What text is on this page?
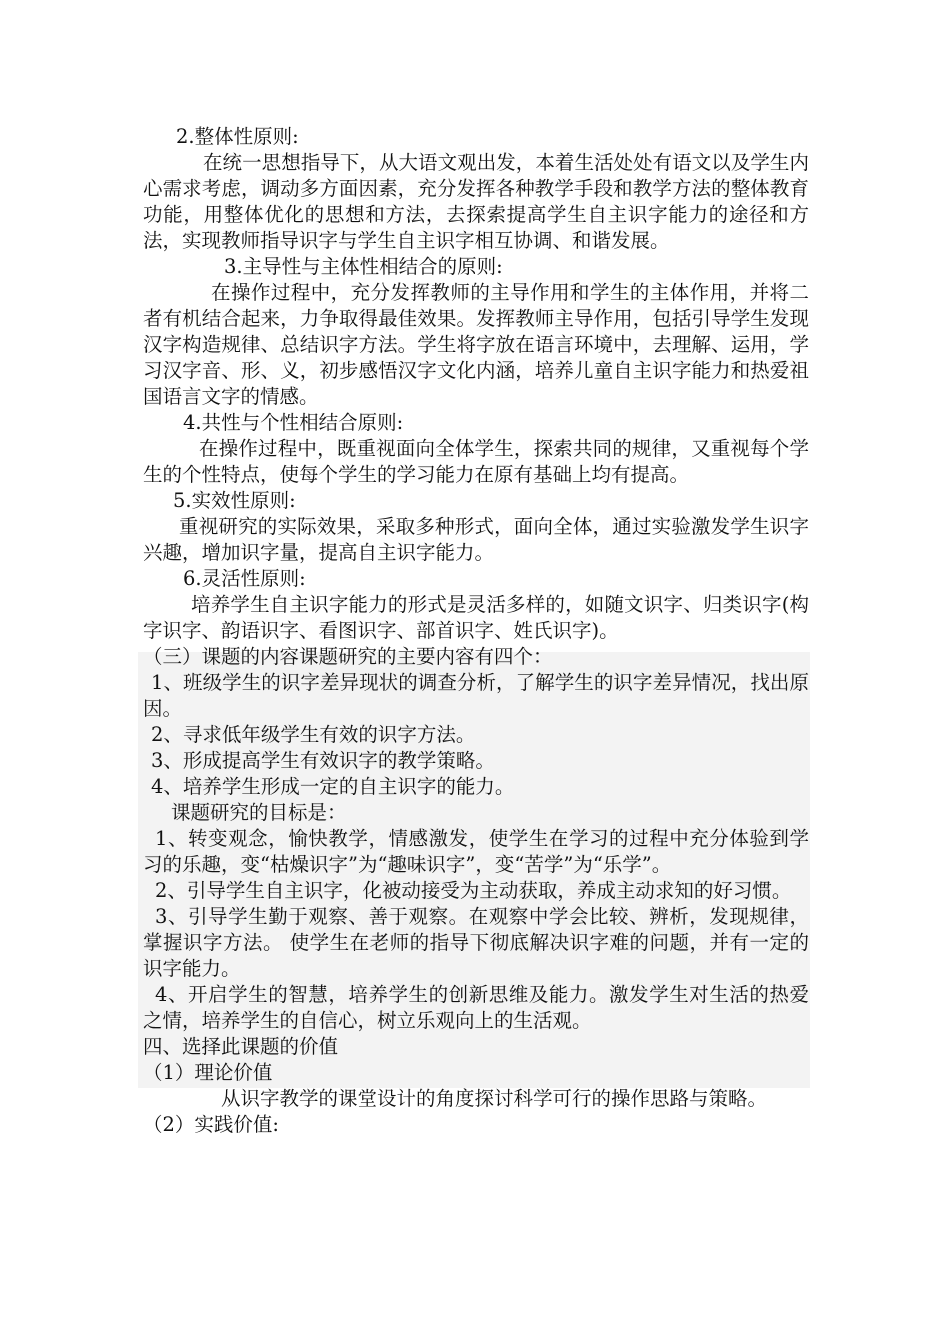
2.整体性原则:

在统一思想指导下，从大语文观出发，本着生活处处有语文以及学生内心需求考虑，调动多方面因素，充分发挥各种教学手段和教学方法的整体教育功能，用整体优化的思想和方法，去探索提高学生自主识字能力的途径和方法，实现教师指导识字与学生自主识字相互协调、和谐发展。

3.主导性与主体性相结合的原则:

在操作过程中，充分发挥教师的主导作用和学生的主体作用，并将二者有机结合起来，力争取得最佳效果。发挥教师主导作用，包括引导学生发现汉字构造规律、总结识字方法。学生将字放在语言环境中，去理解、运用，学习汉字音、形、义，初步感悟汉字文化内涵，培养儿童自主识字能力和热爱祖国语言文字的情感。

4.共性与个性相结合原则:

在操作过程中，既重视面向全体学生，探索共同的规律，又重视每个学生的个性特点，使每个学生的学习能力在原有基础上均有提高。

5.实效性原则:

重视研究的实际效果，采取多种形式，面向全体，通过实验激发学生识字兴趣，增加识字量，提高自主识字能力。

6.灵活性原则:

培养学生自主识字能力的形式是灵活多样的，如随文识字、归类识字(构字识字、韵语识字、看图识字、部首识字、姓氏识字)。

（三）课题的内容课题研究的主要内容有四个：

1、班级学生的识字差异现状的调查分析，了解学生的识字差异情况，找出原因。

2、寻求低年级学生有效的识字方法。

3、形成提高学生有效识字的教学策略。

4、培养学生形成一定的自主识字的能力。

课题研究的目标是：

1、转变观念，愉快教学，情感激发，使学生在学习的过程中充分体验到学习的乐趣，变“枯燥识字”为“趣味识字”，变“苦学”为“乐学”。

2、引导学生自主识字，化被动接受为主动获取，养成主动求知的好习惯。

3、引导学生勤于观察、善于观察。在观察中学会比较、辨析，发现规律，掌握识字方法。 使学生在老师的指导下彻底解决识字难的问题，并有一定的识字能力。

4、开启学生的智慧，培养学生的创新思维及能力。激发学生对生活的热爱之情，培养学生的自信心，树立乐观向上的生活观。

四、选择此课题的价值

（1）理论价值

从识字教学的课堂设计的角度探讨科学可行的操作思路与策略。

（2）实践价值:
